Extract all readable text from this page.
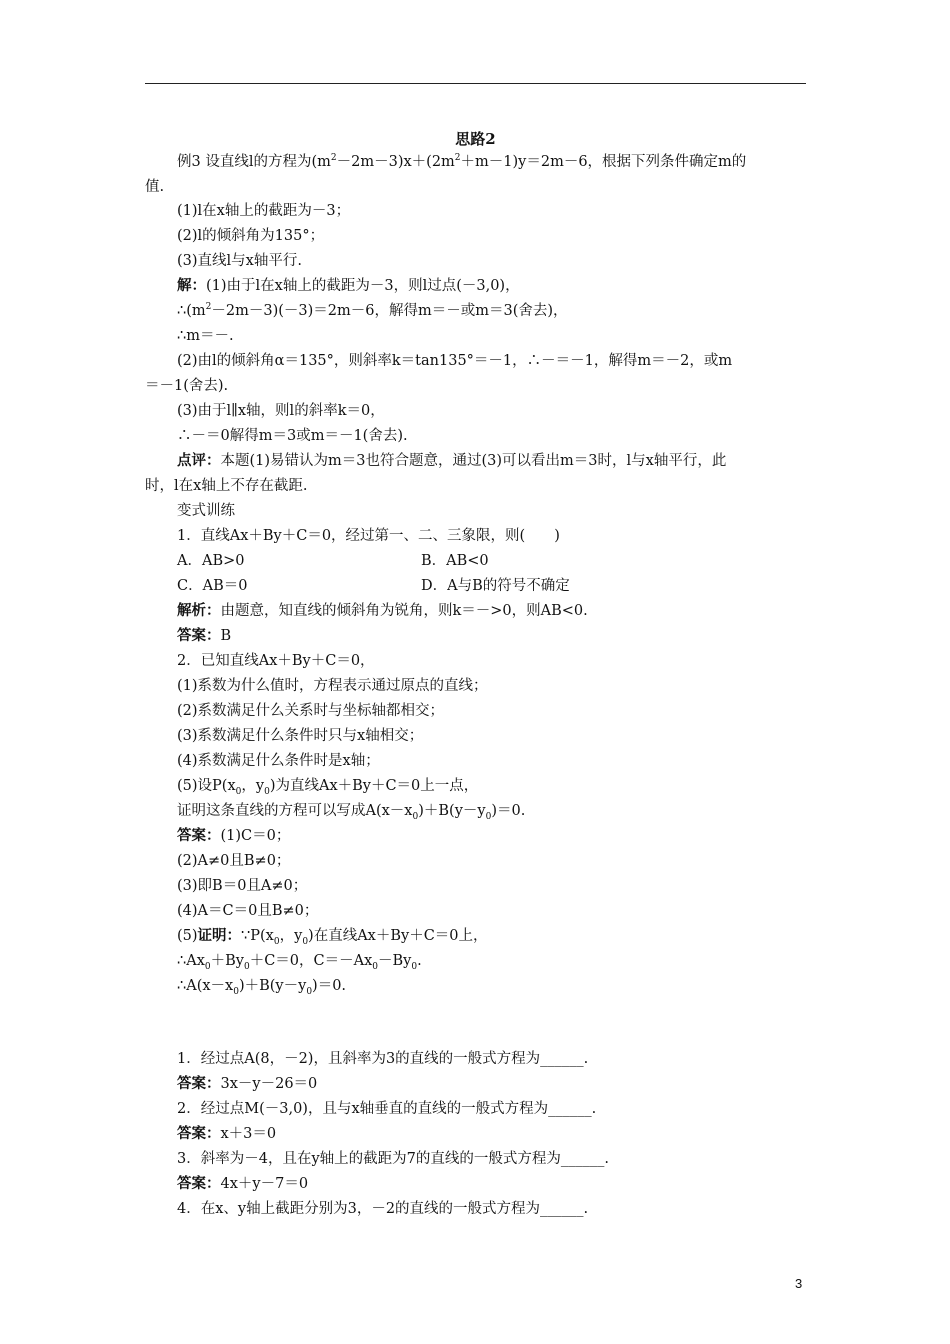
思路2
例3 设直线l的方程为$(m^2-2m-3)x+(2m^2+m-1)y=2m-6$，根据下列条件确定m的
值.
(1)l在x轴上的截距为－3；
(2)l的倾斜角为135°；
(3)直线l与x轴平行.
解：(1)由于l在x轴上的截距为－3，则l过点(－3,0)，
$\therefore(m^2-2m-3)(-3)=2m-6$，解得m＝－或m＝3(舍去)，
∴m＝－.
(2)由l的倾斜角α＝135°，则斜率k＝tan135°＝－1，∴－＝－1，解得m＝－2，或m
＝－1(舍去).
(3)由于l∥x轴，则l的斜率k＝0，
∴－＝0解得m＝3或m＝－1(舍去).
点评：本题(1)易错认为m＝3也符合题意，通过(3)可以看出m＝3时，l与x轴平行，此
时，l在x轴上不存在截距.
变式训练
1．直线Ax＋By＋C＝0，经过第一、二、三象限，则(　　)
A．AB>0	B．AB<0
C．AB＝0	D．A与B的符号不确定
解析：由题意，知直线的倾斜角为锐角，则k＝－>0，则AB<0.
答案：B
2．已知直线Ax＋By＋C＝0，
(1)系数为什么值时，方程表示通过原点的直线；
(2)系数满足什么关系时与坐标轴都相交；
(3)系数满足什么条件时只与x轴相交；
(4)系数满足什么条件时是x轴；
(5)设$P(x_0$，$y_0$)为直线Ax＋By＋C＝0上一点，
证明这条直线的方程可以写成$A(x-x_0)+B(y-y_0)=0$.
答案：(1)C＝0；
(2)A≠0且B≠0；
(3)即B＝0且A≠0；
(4)A＝C＝0且B≠0；
(5)证明：$\because P(x_0$，$y_0$)在直线Ax＋By＋C＝0上，
$\therefore Ax_0+By_0+C=0$，$C=-Ax_0-By_0$.
$\therefore A(x-x_0)+B(y-y_0)=0$.
1．经过点A(8，－2)，且斜率为3的直线的一般式方程为______.
答案：3x－y－26＝0
2．经过点M(－3,0)，且与x轴垂直的直线的一般式方程为______.
答案：x＋3＝0
3．斜率为－4，且在y轴上的截距为7的直线的一般式方程为______.
答案：4x＋y－7＝0
4．在x、y轴上截距分别为3，－2的直线的一般式方程为______.
3
